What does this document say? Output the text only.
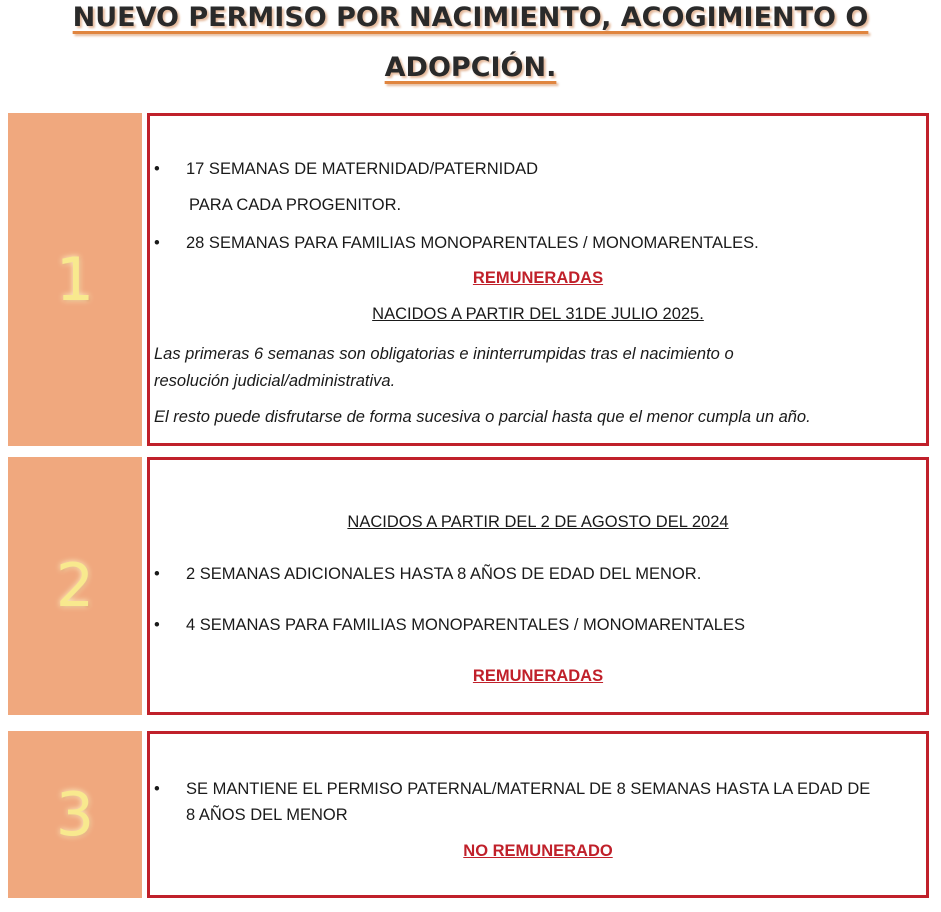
NUEVO PERMISO POR NACIMIENTO, ACOGIMIENTO O
ADOPCIÓN.
1
• 17 SEMANAS DE MATERNIDAD/PATERNIDAD
PARA CADA PROGENITOR.
• 28 SEMANAS PARA FAMILIAS MONOPARENTALES / MONOMARENTALES.
REMUNERADAS
NACIDOS A PARTIR DEL 31DE JULIO 2025.
Las primeras 6 semanas son obligatorias e ininterrumpidas tras el nacimiento o
resolución judicial/administrativa.
El resto puede disfrutarse de forma sucesiva o parcial hasta que el menor cumpla un año.
2
NACIDOS A PARTIR DEL 2 DE AGOSTO DEL 2024
• 2 SEMANAS ADICIONALES HASTA 8 AÑOS DE EDAD DEL MENOR.
• 4 SEMANAS PARA FAMILIAS MONOPARENTALES / MONOMARENTALES
REMUNERADAS
3	• SE MANTIENE EL PERMISO PATERNAL/MATERNAL DE 8 SEMANAS HASTA LA EDAD DE
8 AÑOS DEL MENOR
NO REMUNERADO
